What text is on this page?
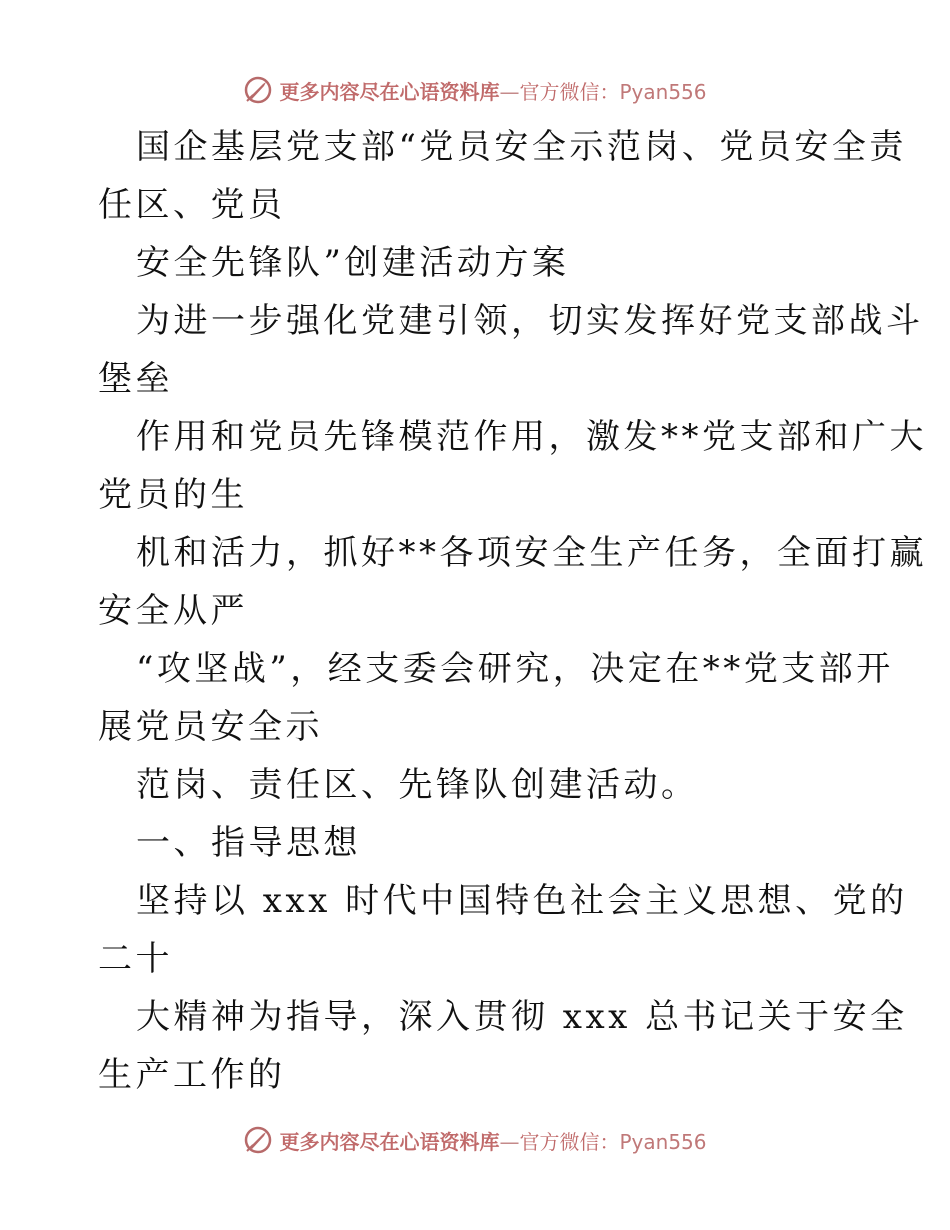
更多内容尽在心语资料库—官方微信：Pyan556
国企基层党支部“党员安全示范岗、党员安全责
任区、党员
安全先锋队”创建活动方案
为进一步强化党建引领，切实发挥好党支部战斗
堡垒
作用和党员先锋模范作用，激发**党支部和广大
党员的生
机和活力，抓好**各项安全生产任务，全面打赢
安全从严
“攻坚战”，经支委会研究，决定在**党支部开
展党员安全示
范岗、责任区、先锋队创建活动。
一、指导思想
坚持以 xxx 时代中国特色社会主义思想、党的
二十
大精神为指导，深入贯彻 xxx 总书记关于安全
生产工作的
更多内容尽在心语资料库—官方微信：Pyan556
